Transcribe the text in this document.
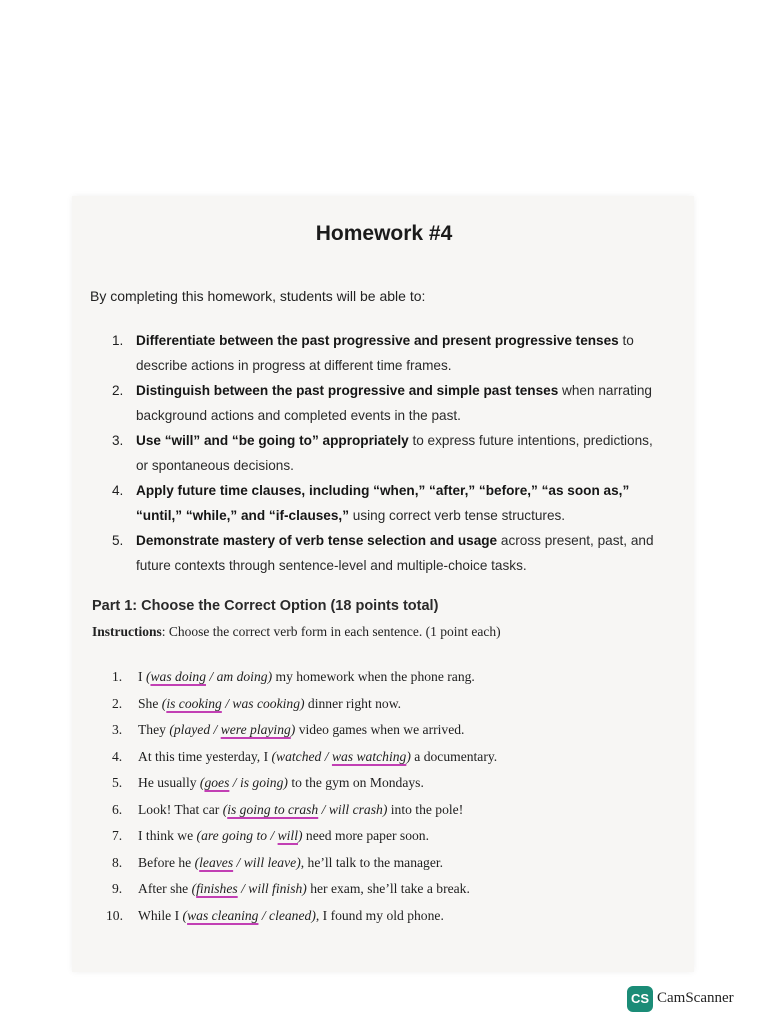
Homework #4
By completing this homework, students will be able to:
1. Differentiate between the past progressive and present progressive tenses to describe actions in progress at different time frames.
2. Distinguish between the past progressive and simple past tenses when narrating background actions and completed events in the past.
3. Use “will” and “be going to” appropriately to express future intentions, predictions, or spontaneous decisions.
4. Apply future time clauses, including “when,” “after,” “before,” “as soon as,” “until,” “while,” and “if-clauses,” using correct verb tense structures.
5. Demonstrate mastery of verb tense selection and usage across present, past, and future contexts through sentence-level and multiple-choice tasks.
Part 1: Choose the Correct Option (18 points total)
Instructions: Choose the correct verb form in each sentence. (1 point each)
1.	I (was doing / am doing) my homework when the phone rang.
2.	She (is cooking / was cooking) dinner right now.
3.	They (played / were playing) video games when we arrived.
4.	At this time yesterday, I (watched / was watching) a documentary.
5.	He usually (goes / is going) to the gym on Mondays.
6.	Look! That car (is going to crash / will crash) into the pole!
7.	I think we (are going to / will) need more paper soon.
8.	Before he (leaves / will leave), he’ll talk to the manager.
9.	After she (finishes / will finish) her exam, she’ll take a break.
10. While I (was cleaning / cleaned), I found my old phone.
CS CamScanner
